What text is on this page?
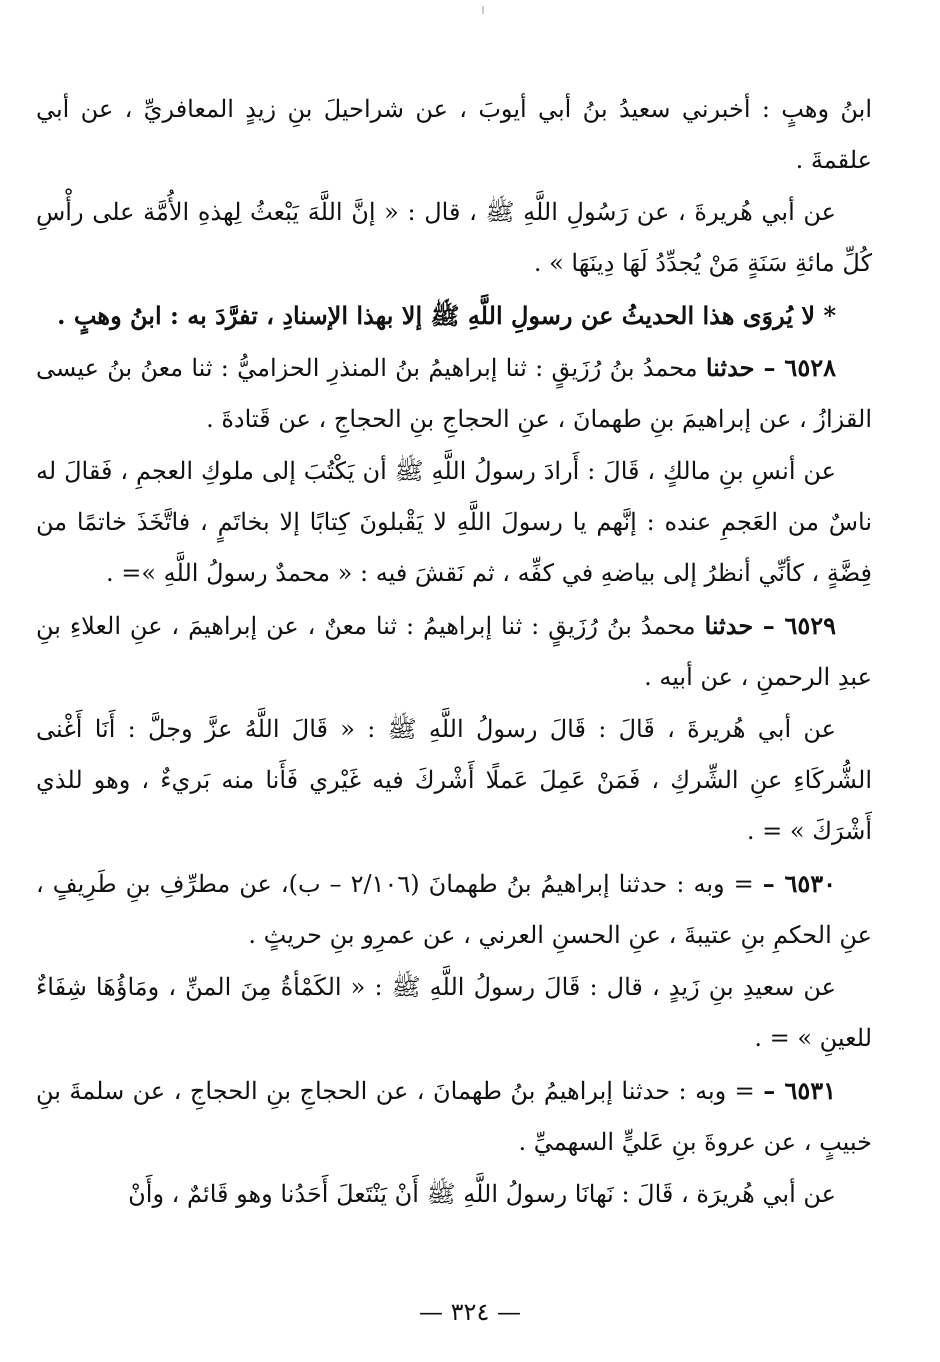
ابنُ وهبٍ : أخبرني سعيدُ بنُ أبي أيوبَ ، عن شراحيلَ بنِ زيدٍ المعافريِّ ، عن أبي علقمةَ .

عن أبي هُريرةَ ، عن رَسُولِ اللَّهِ ﷺ ، قال : « إنَّ اللَّهَ يَبْعثُ لِهذهِ الأُمَّة على رأْسِ كُلِّ مائةِ سَنَةٍ مَنْ يُجدِّدُ لَهَا دِينَهَا » .

* لا يُروَى هذا الحديثُ عن رسولِ اللَّهِ ﷺ إلا بهذا الإسنادِ ، تفرَّدَ به : ابنُ وهبٍ .

٦٥٢٨ – حدثنا محمدُ بنُ رُزَيقٍ : ثنا إبراهيمُ بنُ المنذرِ الحزاميُّ : ثنا معنُ بنُ عيسى القزازُ ، عن إبراهيمَ بنِ طهمانَ ، عنِ الحجاجِ بنِ الحجاجِ ، عن قَتادةَ .

عن أنسِ بنِ مالكٍ ، قَالَ : أَرادَ رسولُ اللَّهِ ﷺ أن يَكْتُبَ إلى ملوكِ العجمِ ، فَقالَ له ناسٌ من العَجمِ عنده : إنَّهم يا رسولَ اللَّهِ لا يَقْبلونَ كِتابًا إلا بخاتَمٍ ، فاتَّخَذَ خاتمًا من فِضَّةٍ ، كأنِّي أنظرُ إلى بياضهِ في كفِّه ، ثم نَقشَ فيه : « محمدٌ رسولُ اللَّهِ »= .

٦٥٢٩ – حدثنا محمدُ بنُ رُزَيقٍ : ثنا إبراهيمُ : ثنا معنٌ ، عن إبراهيمَ ، عنِ العلاءِ بنِ عبدِ الرحمنِ ، عن أبيه .

عن أبي هُريرةَ ، قَالَ : قَالَ رسولُ اللَّهِ ﷺ : « قَالَ اللَّهُ عزَّ وجلَّ : أَنَا أَغْنى الشُّركَاءِ عنِ الشِّركِ ، فَمَنْ عَمِلَ عَملًا أَشْركَ فيه غَيْري فَأَنا منه بَريءٌ ، وهو للذي أَشْرَكَ » = .

٦٥٣٠ – = وبه : حدثنا إبراهيمُ بنُ طهمانَ (٢/١٠٦ – ب)، عن مطرِّفِ بنِ طَرِيفٍ ، عنِ الحكمِ بنِ عتيبةَ ، عنِ الحسنِ العرني ، عن عمرِو بنِ حريثٍ .

عن سعيدِ بنِ زَيدٍ ، قال : قَالَ رسولُ اللَّهِ ﷺ : « الكَمْأةُ مِنَ المنِّ ، ومَاؤُهَا شِفَاءٌ للعينِ » = .

٦٥٣١ – = وبه : حدثنا إبراهيمُ بنُ طهمانَ ، عن الحجاجِ بنِ الحجاجِ ، عن سلمةَ بنِ خبيبٍ ، عن عروةَ بنِ عَليٍّ السهميِّ .

عن أبي هُريرَة ، قَالَ : نَهانَا رسولُ اللَّهِ ﷺ أَنْ يَنْتَعلَ أَحَدُنا وهو قَائمٌ ، وأَنْ

— ٣٢٤ —
